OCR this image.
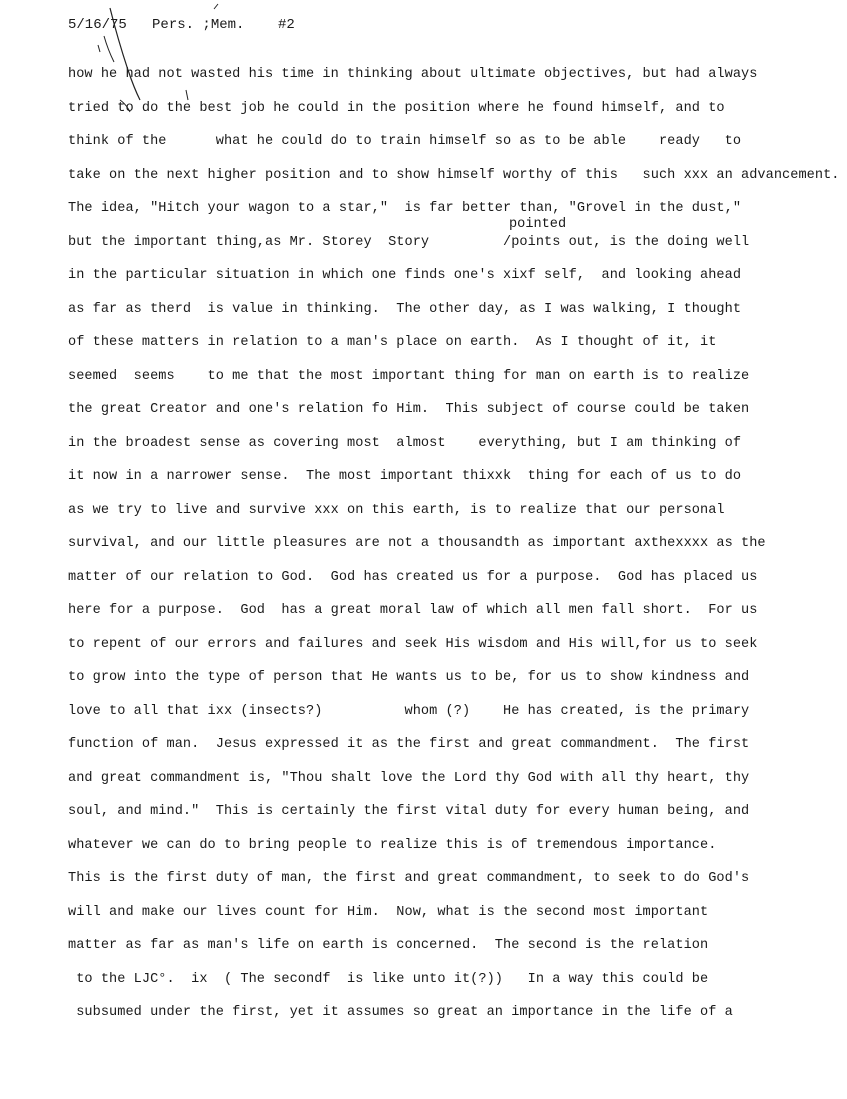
5/16/75   Pers. ;Mem.    #2
pointed
how he had not wasted his time in thinking about ultimate objectives, but had always
tried to do the best job he could in the position where he found himself, and to
think of the      what he could do to train himself so as to be able    ready   to
take on the next higher position and to show himself worthy of this   such xxx an advancement.
The idea, "Hitch your wagon to a star,"  is far better than, "Grovel in the dust,"
but the important thing,as Mr. Storey  Story         /points out, is the doing well
in the particular situation in which one finds one's xixf self,  and looking ahead
as far as therd  is value in thinking.  The other day, as I was walking, I thought
of these matters in relation to a man's place on earth.  As I thought of it, it
seemed  seems    to me that the most important thing for man on earth is to realize
the great Creator and one's relation fo Him.  This subject of course could be taken
in the broadest sense as covering most  almost    everything, but I am thinking of
it now in a narrower sense.  The most important thixxk  thing for each of us to do
as we try to live and survive xxx on this earth, is to realize that our personal
survival, and our little pleasures are not a thousandth as important axthexxxx as the
matter of our relation to God.  God has created us for a purpose.  God has placed us
here for a purpose.  God  has a great moral law of which all men fall short.  For us
to repent of our errors and failures and seek His wisdom and His will,for us to seek
to grow into the type of person that He wants us to be, for us to show kindness and
love to all that ixx (insects?)          whom (?)    He has created, is the primary
function of man.  Jesus expressed it as the first and great commandment.  The first
and great commandment is, "Thou shalt love the Lord thy God with all thy heart, thy
soul, and mind."  This is certainly the first vital duty for every human being, and
whatever we can do to bring people to realize this is of tremendous importance.
This is the first duty of man, the first and great commandment, to seek to do God's
will and make our lives count for Him.  Now, what is the second most important
matter as far as man's life on earth is concerned.  The second is the relation
to the LJC°.  ix  ( The secondf  is like unto it(?))   In a way this could be
subsumed under the first, yet it assumes so great an importance in the life of a
